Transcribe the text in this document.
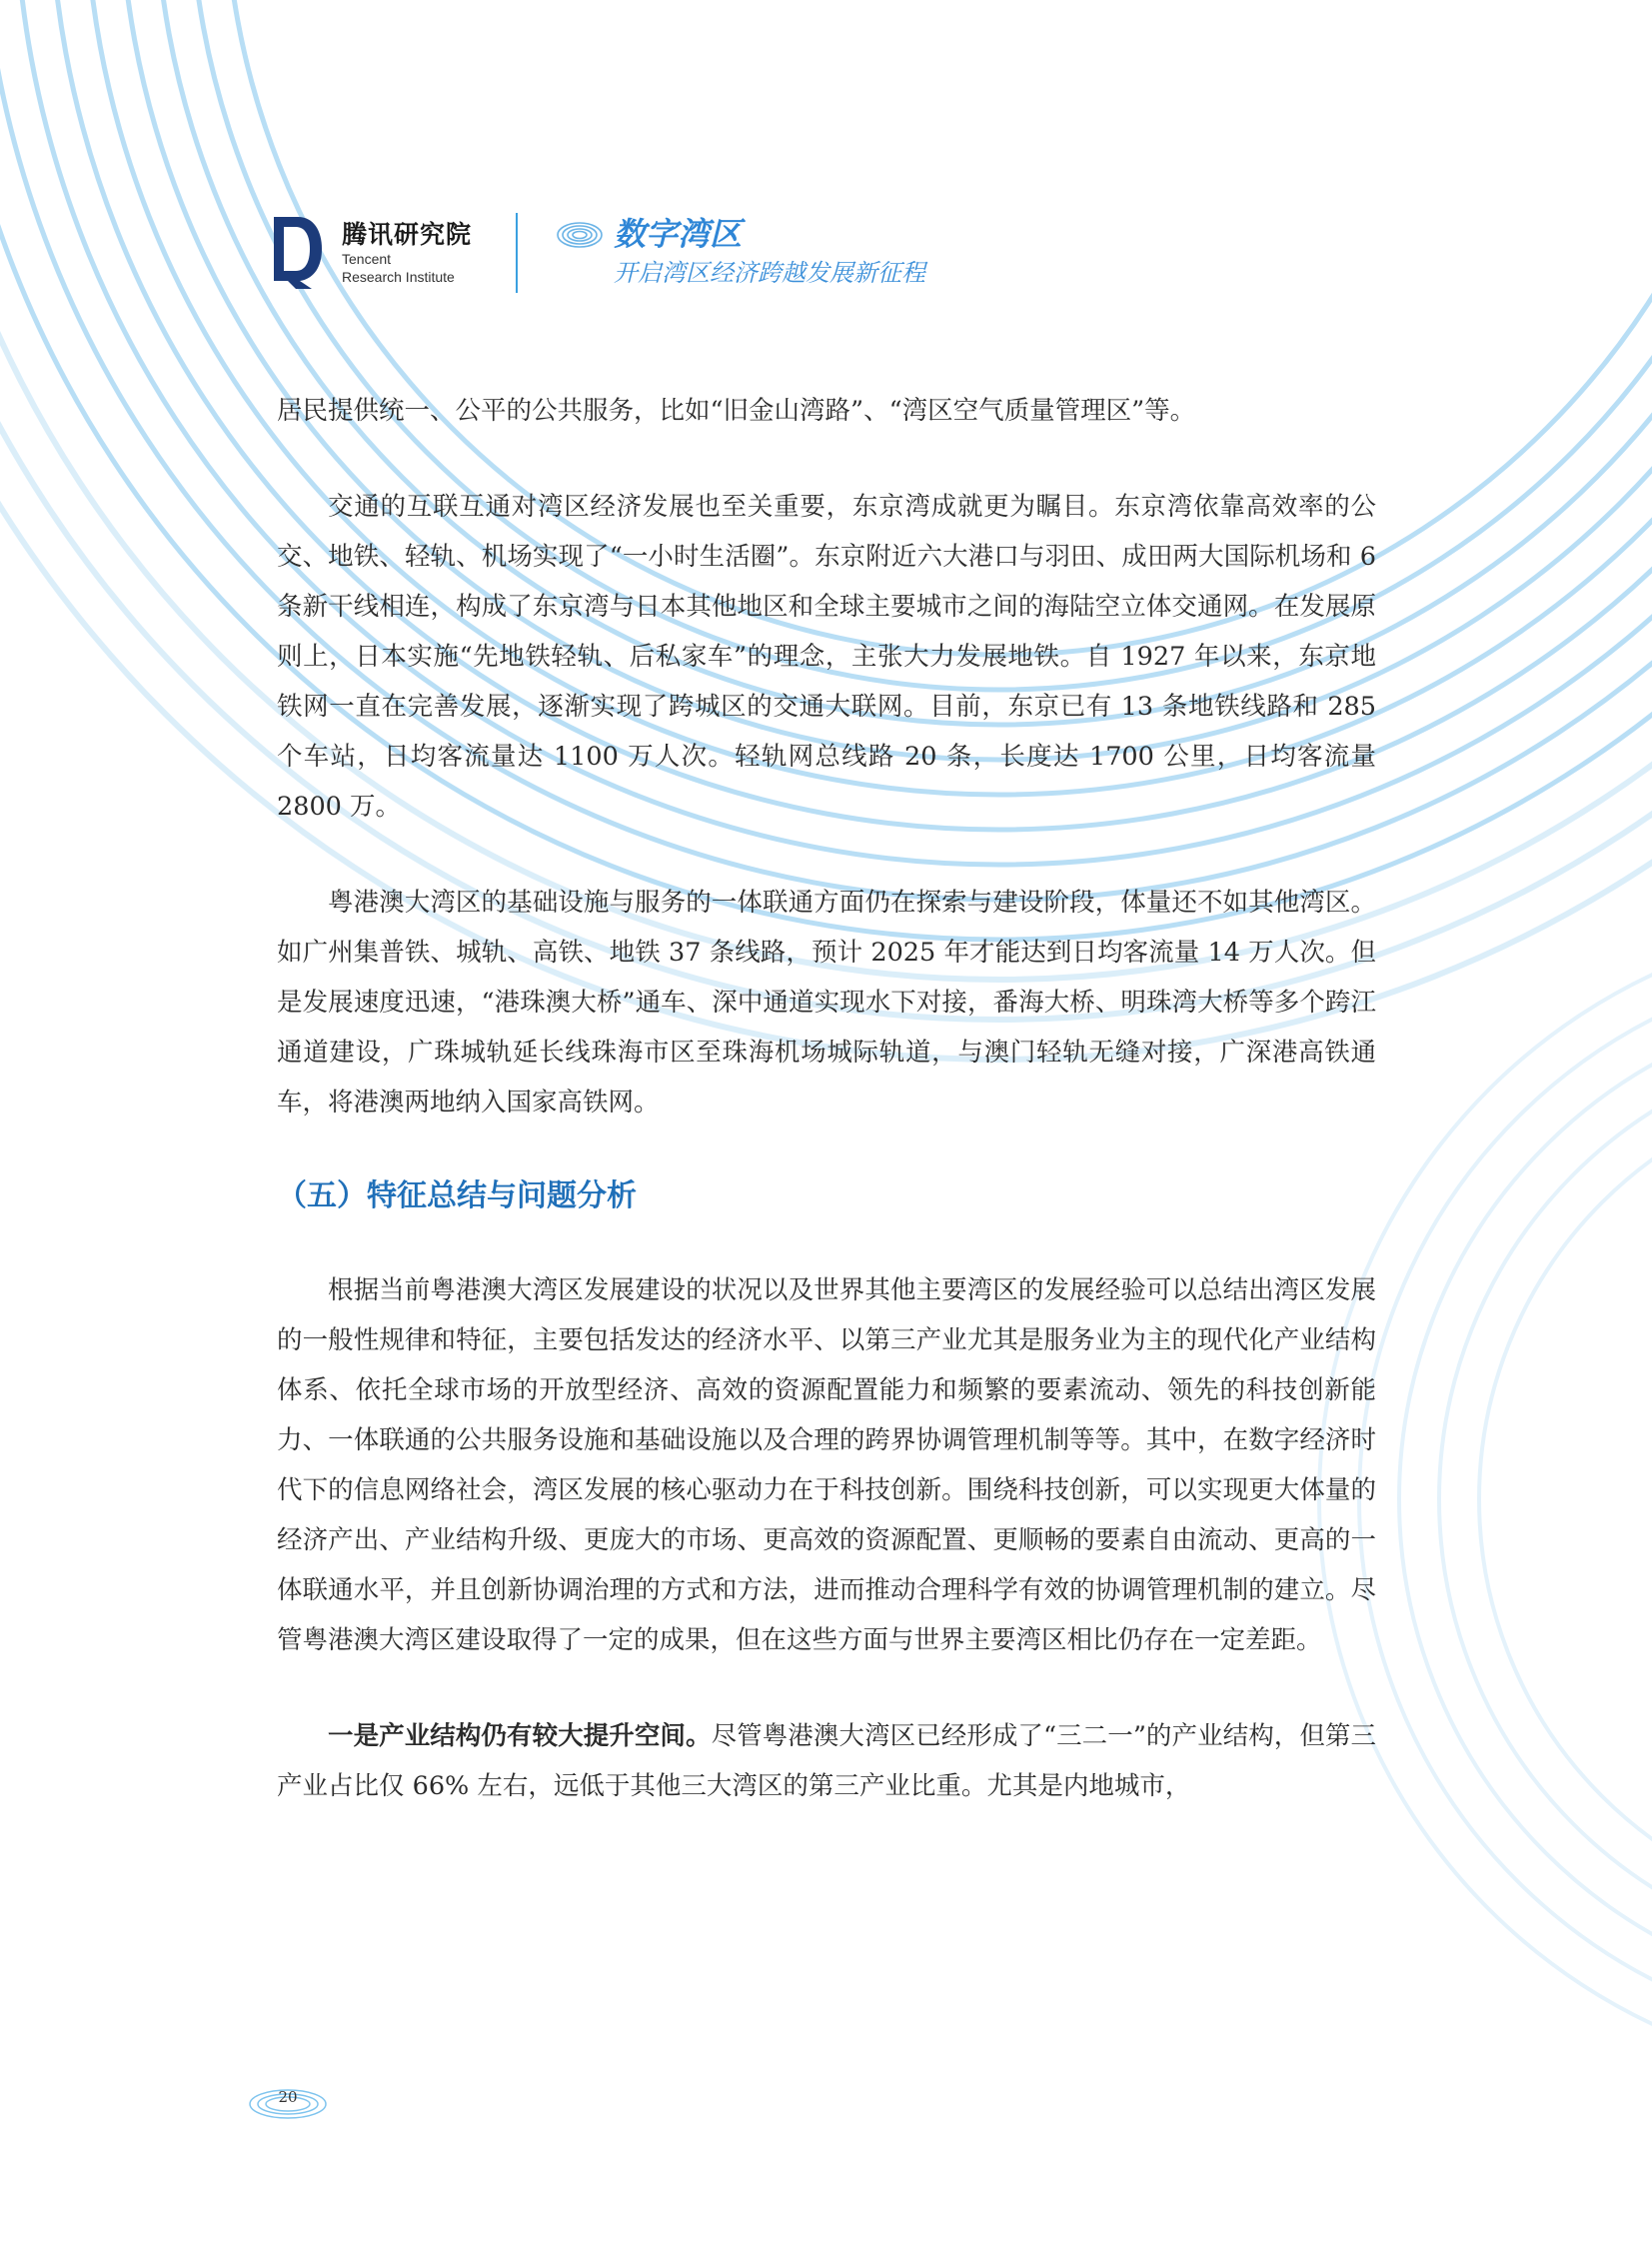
腾讯研究院
Tencent
Research Institute
数字湾区
开启湾区经济跨越发展新征程

居民提供统一、公平的公共服务，比如“旧金山湾路”、“湾区空气质量管理区”等。

交通的互联互通对湾区经济发展也至关重要，东京湾成就更为瞩目。东京湾依靠高效率的公交、地铁、轻轨、机场实现了“一小时生活圈”。东京附近六大港口与羽田、成田两大国际机场和 6 条新干线相连，构成了东京湾与日本其他地区和全球主要城市之间的海陆空立体交通网。在发展原则上，日本实施“先地铁轻轨、后私家车”的理念，主张大力发展地铁。自 1927 年以来，东京地铁网一直在完善发展，逐渐实现了跨城区的交通大联网。目前，东京已有 13 条地铁线路和 285 个车站，日均客流量达 1100 万人次。轻轨网总线路 20 条，长度达 1700 公里，日均客流量 2800 万。

粤港澳大湾区的基础设施与服务的一体联通方面仍在探索与建设阶段，体量还不如其他湾区。如广州集普铁、城轨、高铁、地铁 37 条线路，预计 2025 年才能达到日均客流量 14 万人次。但是发展速度迅速，“港珠澳大桥”通车、深中通道实现水下对接，番海大桥、明珠湾大桥等多个跨江通道建设，广珠城轨延长线珠海市区至珠海机场城际轨道，与澳门轻轨无缝对接，广深港高铁通车，将港澳两地纳入国家高铁网。

（五）特征总结与问题分析

根据当前粤港澳大湾区发展建设的状况以及世界其他主要湾区的发展经验可以总结出湾区发展的一般性规律和特征，主要包括发达的经济水平、以第三产业尤其是服务业为主的现代化产业结构体系、依托全球市场的开放型经济、高效的资源配置能力和频繁的要素流动、领先的科技创新能力、一体联通的公共服务设施和基础设施以及合理的跨界协调管理机制等等。其中，在数字经济时代下的信息网络社会，湾区发展的核心驱动力在于科技创新。围绕科技创新，可以实现更大体量的经济产出、产业结构升级、更庞大的市场、更高效的资源配置、更顺畅的要素自由流动、更高的一体联通水平，并且创新协调治理的方式和方法，进而推动合理科学有效的协调管理机制的建立。尽管粤港澳大湾区建设取得了一定的成果，但在这些方面与世界主要湾区相比仍存在一定差距。

一是产业结构仍有较大提升空间。尽管粤港澳大湾区已经形成了“三二一”的产业结构，但第三产业占比仅 66% 左右，远低于其他三大湾区的第三产业比重。尤其是内地城市，

20
